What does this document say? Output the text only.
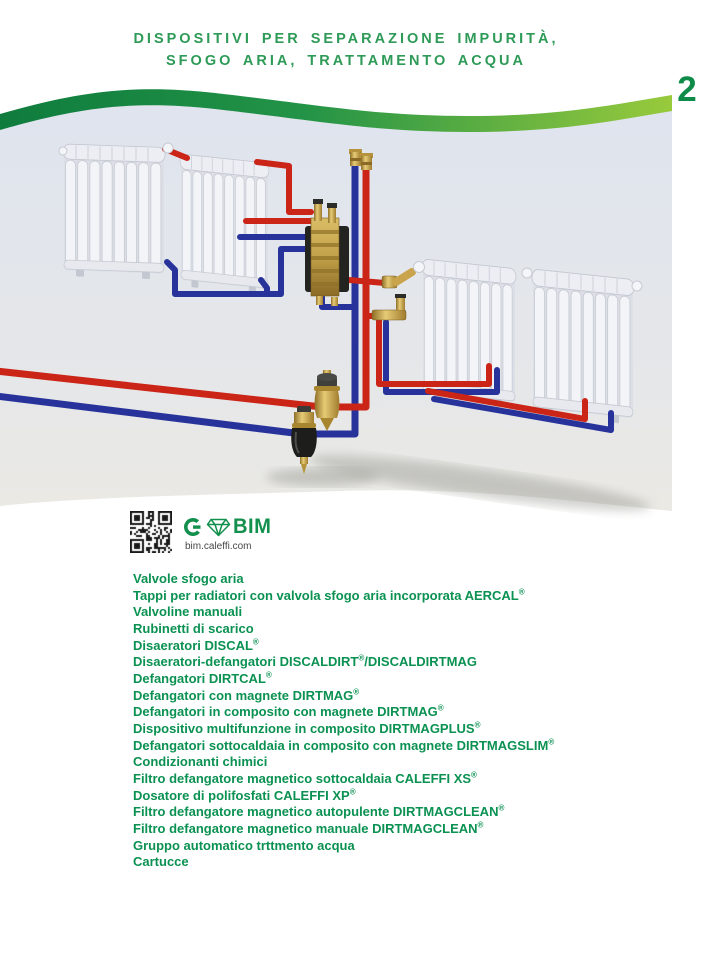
DISPOSITIVI PER SEPARAZIONE IMPURITÀ,
SFOGO ARIA, TRATTAMENTO ACQUA
2
BIM
bim.caleffi.com
Valvole sfogo aria
Tappi per radiatori con valvola sfogo aria incorporata AERCAL®
Valvoline manuali
Rubinetti di scarico
Disaeratori DISCAL®
Disaeratori-defangatori DISCALDIRT®/DISCALDIRTMAG
Defangatori DIRTCAL®
Defangatori con magnete DIRTMAG®
Defangatori in composito con magnete DIRTMAG®
Dispositivo multifunzione in composito DIRTMAGPLUS®
Defangatori sottocaldaia in composito con magnete DIRTMAGSLIM®
Condizionanti chimici
Filtro defangatore magnetico sottocaldaia CALEFFI XS®
Dosatore di polifosfati CALEFFI XP®
Filtro defangatore magnetico autopulente DIRTMAGCLEAN®
Filtro defangatore magnetico manuale DIRTMAGCLEAN®
Gruppo automatico trttmento acqua
Cartucce
